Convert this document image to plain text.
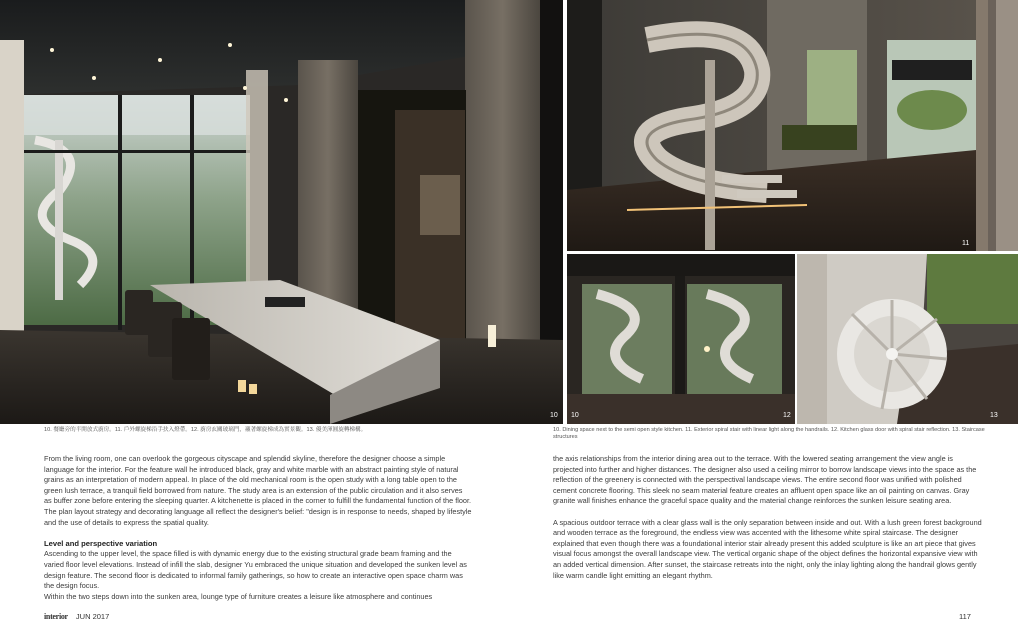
10
11
10	12	13
10. 餐廳旁的半開放式廚房。11. 戶外螺旋梯沿手扶入燈帶。12. 廚房玄關玻璃門，襯著螺旋梯成為實景觀。13. 優美渾圓旋轉梯構。	10. Dining space next to the semi open style kitchen. 11. Exterior spiral stair with linear light along the handrails. 12. Kitchen glass door with spiral stair reflection. 13. Staircase structures

From the living room, one can overlook the gorgeous cityscape and splendid skyline, therefore the designer choose a simple language for the interior. For the feature wall he introduced black, gray and white marble with an abstract painting style of natural grains as an interpretation of modern appeal. In place of the old mechanical room is the open study with a long table open to the green lush terrace, a tranquil field borrowed from nature. The study area is an extension of the public circulation and it also serves as buffer zone before entering the sleeping quarter. A kitchenette is placed in the corner to fulfill the fundamental function of the floor. The plan layout strategy and decorating language all reflect the designer's belief: "design is in response to needs, shaped by lifestyle and the use of details to express the spatial quality.

Level and perspective variation

Ascending to the upper level, the space filled is with dynamic energy due to the existing structural grade beam framing and the varied floor level elevations. Instead of infill the slab, designer Yu embraced the unique situation and developed the sunken level as design feature. The second floor is dedicated to informal family gatherings, so how to create an interactive open space charm was the design focus.

Within the two steps down into the sunken area, lounge type of furniture creates a leisure like atmosphere and continues

the axis relationships from the interior dining area out to the terrace. With the lowered seating arrangement the view angle is projected into further and higher distances. The designer also used a ceiling mirror to borrow landscape views into the space as the reflection of the greenery is connected with the perspectival landscape views. The entire second floor was unified with polished cement concrete flooring. This sleek no seam material feature creates an affluent open space like an oil painting on canvas. Gray granite wall finishes enhance the graceful space quality and the material change reinforces the sunken leisure seating area.

A spacious outdoor terrace with a clear glass wall is the only separation between inside and out. With a lush green forest background and wooden terrace as the foreground, the endless view was accented with the lithesome white spiral staircase. The designer explained that even though there was a foundational interior stair already present this added sculpture is like an art piece that gives visual focus amongst the overall landscape view. The vertical organic shape of the object defines the horizontal expansive view with an added vertical dimension. After sunset, the staircase retreats into the night, only the inlay lighting along the handrail glows gently like warm candle light emitting an elegant rhythm.

interior JUN 2017	117
